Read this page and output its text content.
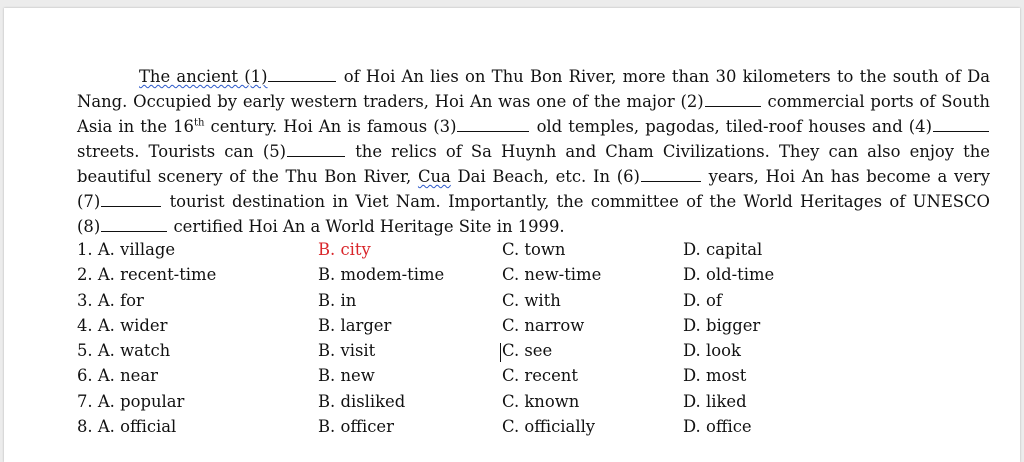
The ancient (1)	of Hoi An lies on Thu Bon River, more than 30 kilometers to the south of Da
Nang. Occupied by early western traders, Hoi An was one of the major (2)	commercial ports of South
Asia in the 16th century. Hoi An is famous (3)	old temples, pagodas, tiled-roof houses and (4)
streets. Tourists can (5)	the relics of Sa Huynh and Cham Civilizations. They can also enjoy the
beautiful scenery of the Thu Bon River, Cua Dai Beach, etc. In (6)	years, Hoi An has become a very
(7)	tourist destination in Viet Nam. Importantly, the committee of the World Heritages of UNESCO
(8)	certified Hoi An a World Heritage Site in 1999.
1. A. village	B. city	C. town	D. capital
2. A. recent-time	B. modem-time	C. new-time	D. old-time
3. A. for	B. in	C. with	D. of
4. A. wider	B. larger	C. narrow	D. bigger
5. A. watch	B. visit	C. see	D. look
6. A. near	B. new	C. recent	D. most
7. A. popular	B. disliked	C. known	D. liked
8. A. official	B. officer	C. officially	D. office
